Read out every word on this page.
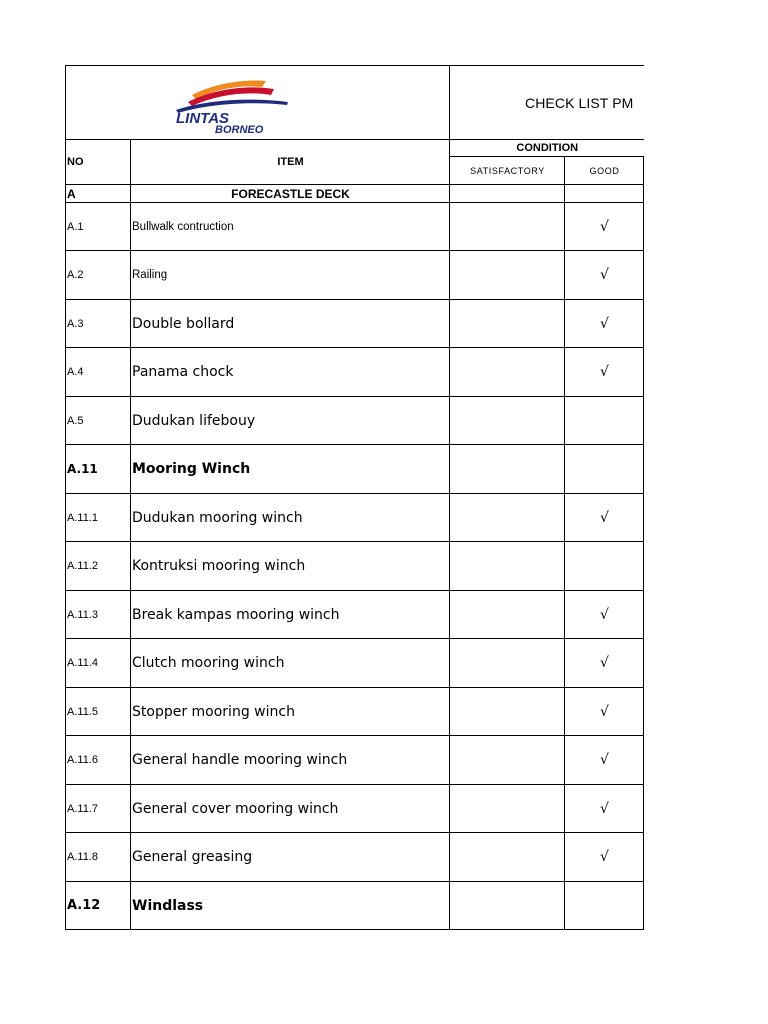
LINTAS
BORNEO		CHECK LIST PM	
NO	ITEM	CONDITION	
		SATISFACTORY	GOOD
A	FORECASTLE DECK		
A.1	Bullwalk contruction		√
A.2	Railing		√
A.3	Double bollard		√
A.4	Panama chock		√
A.5	Dudukan lifebouy		
A.11	Mooring Winch		
A.11.1	Dudukan mooring winch		√
A.11.2	Kontruksi mooring winch		
A.11.3	Break kampas mooring winch		√
A.11.4	Clutch mooring winch		√
A.11.5	Stopper mooring winch		√
A.11.6	General handle mooring winch		√
A.11.7	General cover mooring winch		√
A.11.8	General greasing		√
A.12	Windlass		
